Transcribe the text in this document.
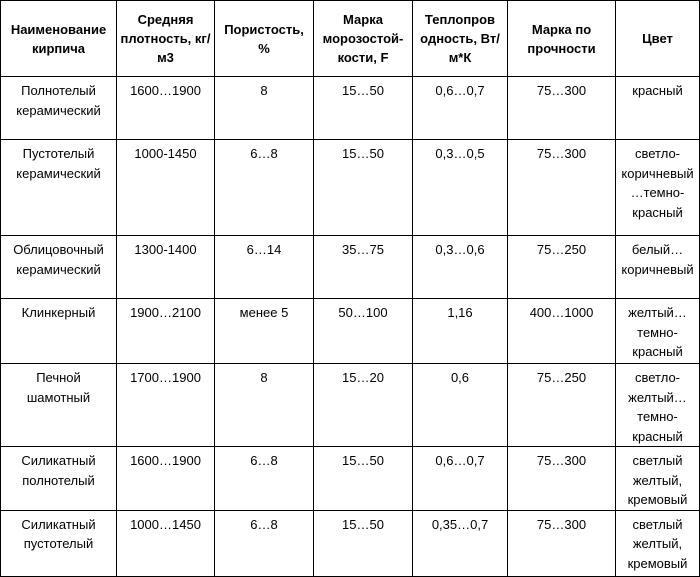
Наименование кирпича	Средняя плотность, кг/м3	Пористость, %	Марка морозостой-кости, F	Теплопров одность, Вт/м*К	Марка по прочности	Цвет
Полнотелый керамический	1600…1900	8	15…50	0,6…0,7	75…300	красный
Пустотелый керамический	1000-1450	6…8	15…50	0,3…0,5	75…300	светло-коричневый …темно-красный
Облицовочный керамический	1300-1400	6…14	35…75	0,3…0,6	75…250	белый… коричневый
Клинкерный	1900…2100	менее 5	50…100	1,16	400…1000	желтый… темно-красный
Печной шамотный	1700…1900	8	15…20	0,6	75…250	светло-желтый… темно-красный
Силикатный полнотелый	1600…1900	6…8	15…50	0,6…0,7	75…300	светлый желтый, кремовый
Силикатный пустотелый	1000…1450	6…8	15…50	0,35…0,7	75…300	светлый желтый, кремовый
